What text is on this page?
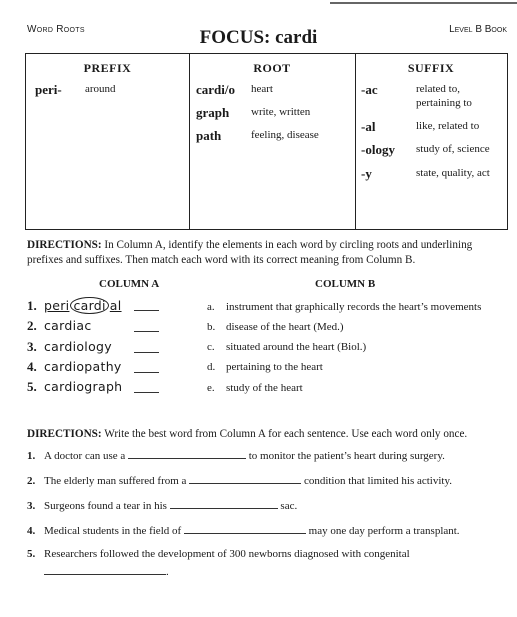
Word Roots	FOCUS: cardi	Level B Book
PREFIX
peri- around
ROOT
cardi/o heart
graph write, written
path	feeling, disease
SUFFIX
-ac	related to,
pertaining to
-al	like, related to
-ology study of, science
-y	state, quality, act
DIRECTIONS: In Column A, identify the elements in each word by circling roots and underlining prefixes and suffixes. Then match each word with its correct meaning from Column B.
COLUMN A	COLUMN B
1. peri cardi al
2. cardiac
3. cardiology
4. cardiopathy
5. cardiograph
a. instrument that graphically records the heart’s movements
b. disease of the heart (Med.)
c. situated around the heart (Biol.)
d. pertaining to the heart
e. study of the heart
DIRECTIONS: Write the best word from Column A for each sentence. Use each word only once.
1. A doctor can use a	to monitor the patient’s heart during surgery.
2. The elderly man suffered from a	condition that limited his activity.
3. Surgeons found a tear in his	sac.
4. Medical students in the field of	may one day perform a transplant.
5. Researchers followed the development of 300 newborns diagnosed with congenital
.
